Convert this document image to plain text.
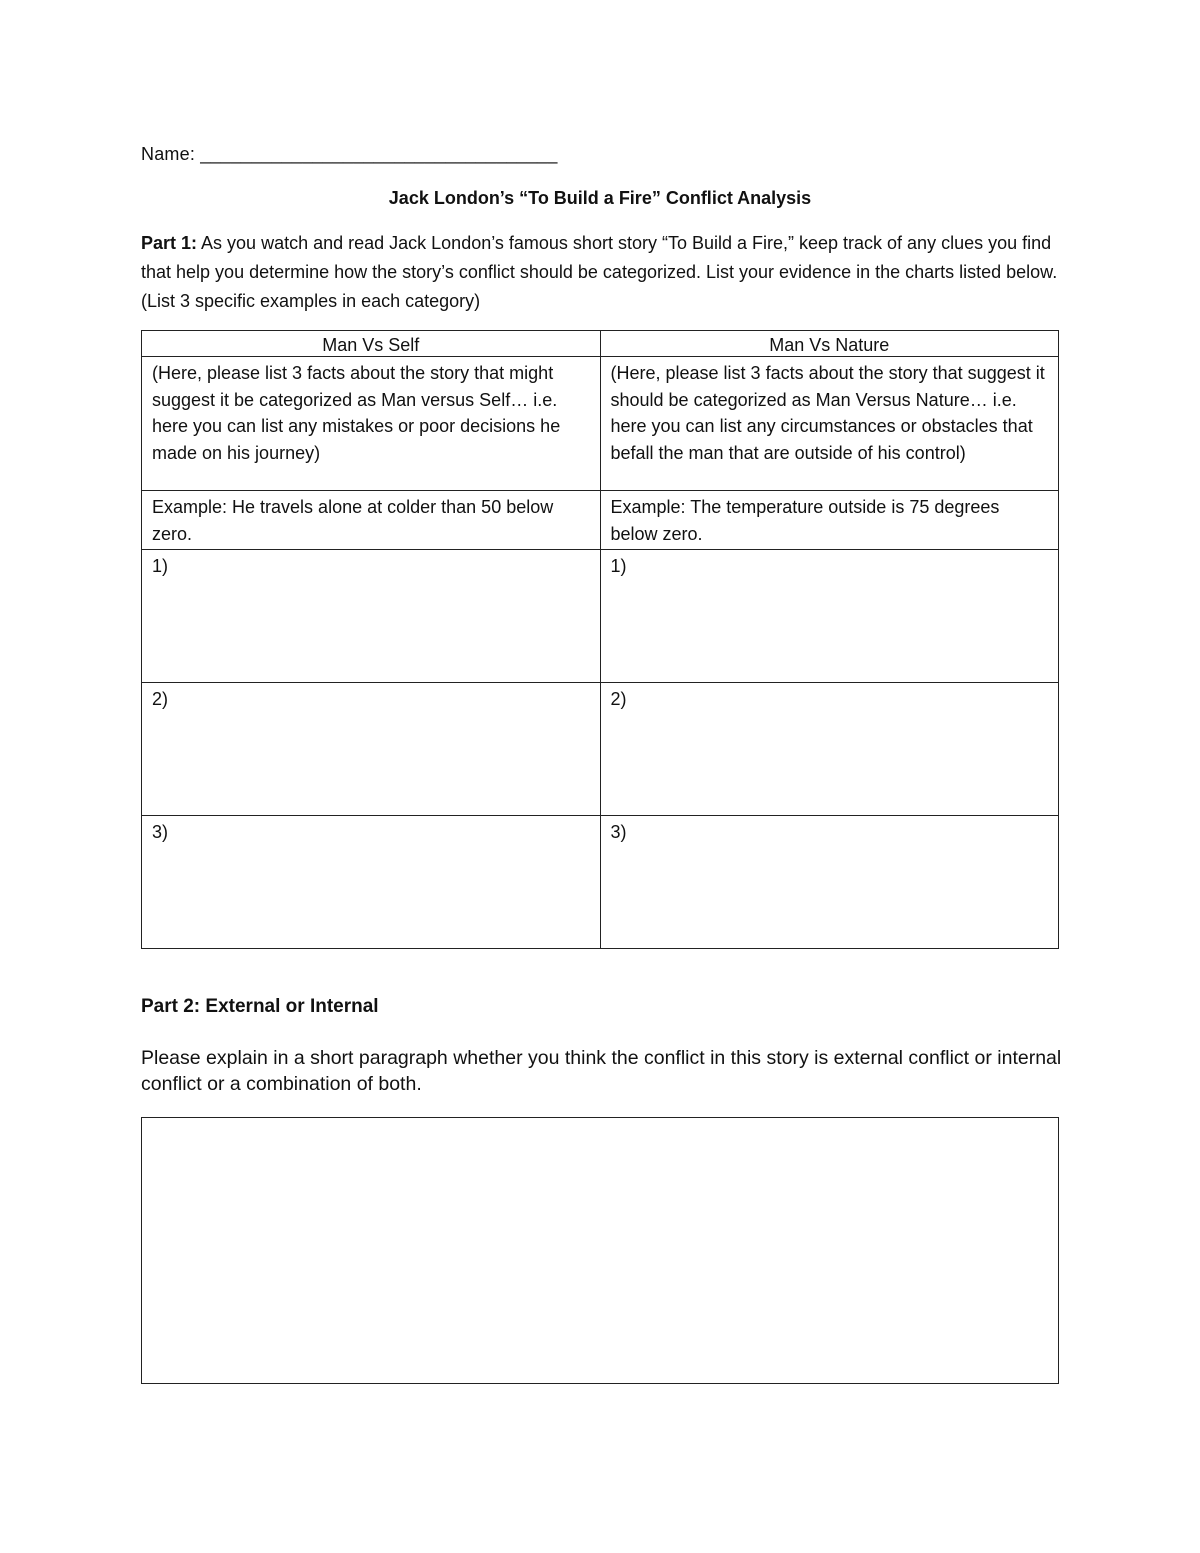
Name: ___________________________________
Jack London’s “To Build a Fire” Conflict Analysis
Part 1: As you watch and read Jack London’s famous short story “To Build a Fire,” keep track of any clues you find that help you determine how the story’s conflict should be categorized. List your evidence in the charts listed below. (List 3 specific examples in each category)
Man Vs Self	Man Vs Nature
(Here, please list 3 facts about the story that might suggest it be categorized as Man versus Self… i.e. here you can list any mistakes or poor decisions he made on his journey)	(Here, please list 3 facts about the story that suggest it should be categorized as Man Versus Nature… i.e. here you can list any circumstances or obstacles that befall the man that are outside of his control)
Example: He travels alone at colder than 50 below zero.	Example: The temperature outside is 75 degrees below zero.
1)	1)
2)	2)
3)	3)
Part 2: External or Internal
Please explain in a short paragraph whether you think the conflict in this story is external conflict or internal conflict or a combination of both.
